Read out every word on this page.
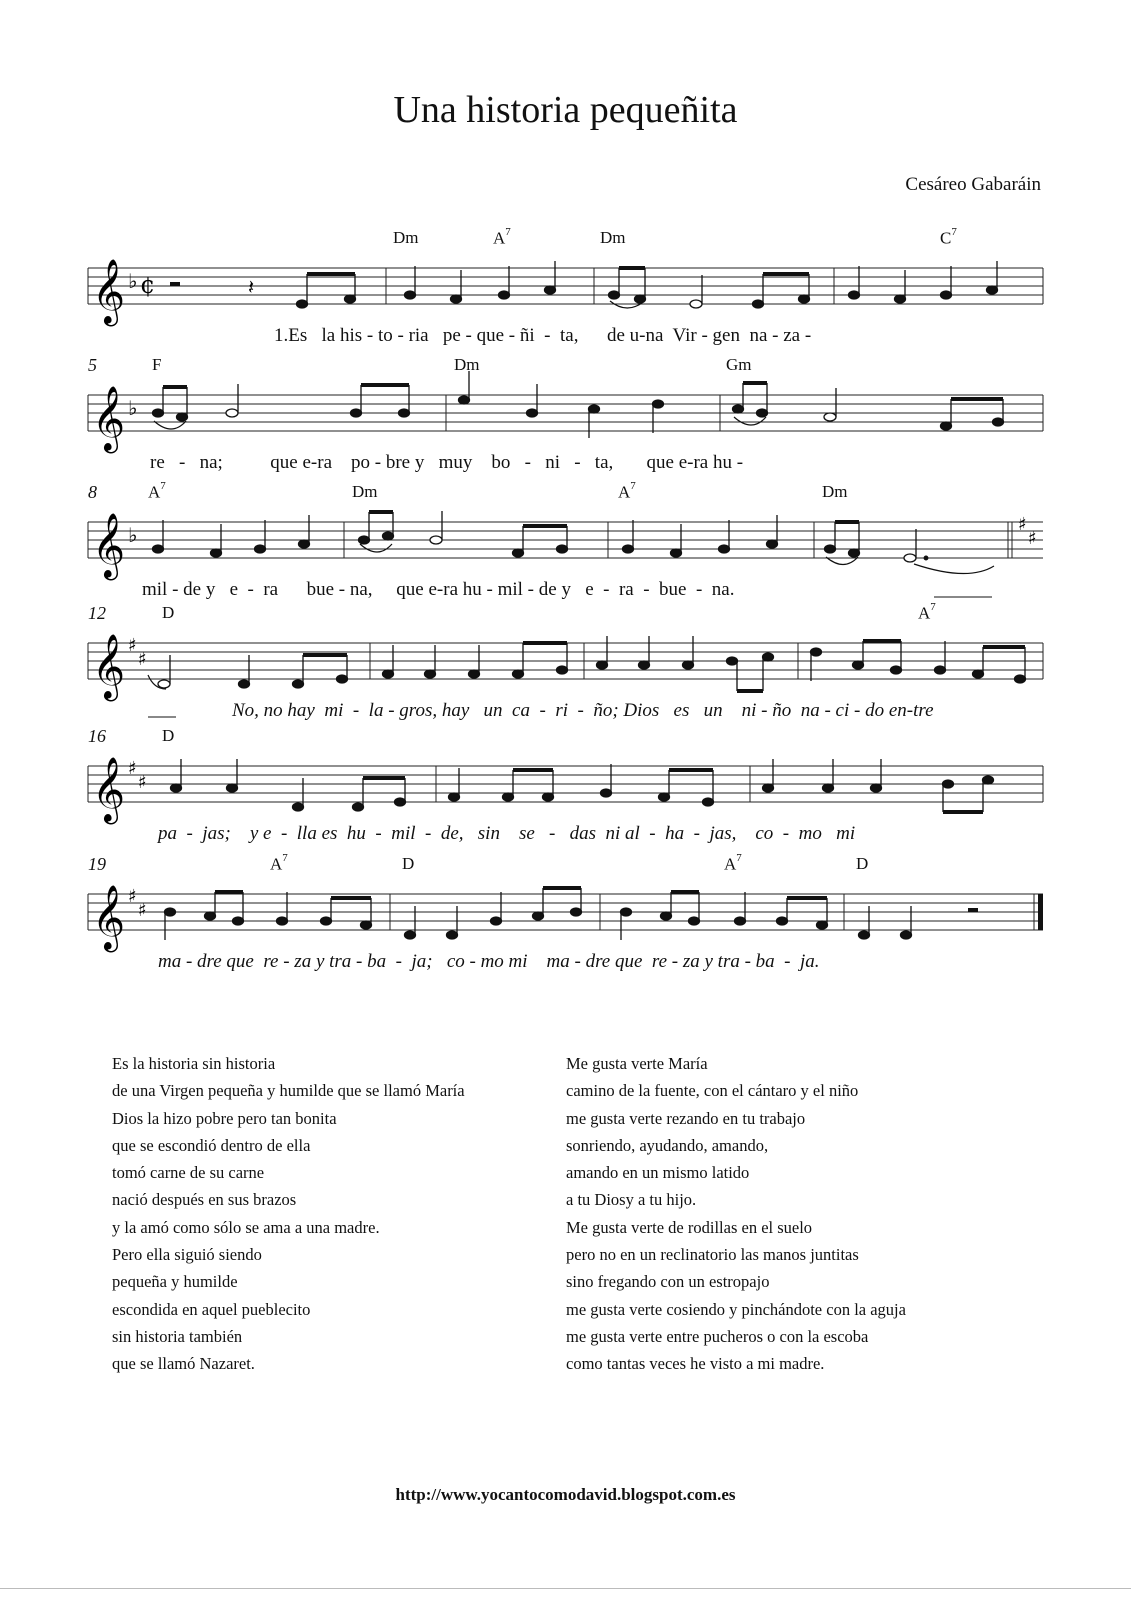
Una historia pequeñita
Cesáreo Gabaráin
Dm	$A^7$	Dm	$C^7$
𝄞 ♭ ¢	𝄽
1.Es   la his - to - ria   pe - que - ñi  -  ta,      de u-na  Vir - gen  na - za -
5	F	Dm	Gm
𝄞 ♭
re   -   na;          que e-ra    po - bre y   muy    bo   -   ni   -   ta,       que e-ra hu -
8	$A^7$	Dm	$A^7$	Dm
𝄞 ♭	♯
♯
mil - de y   e  -  ra      bue - na,     que e-ra hu - mil - de y   e  -  ra  -  bue  -  na.
12	D	$A^7$
𝄞 ♯
♯
No, no hay  mi  -  la - gros, hay   un  ca  -  ri  -  ño; Dios   es   un    ni - ño  na - ci - do en-tre
16	D
𝄞 ♯
♯
pa  -  jas;    y e  -  lla es  hu  -  mil  -  de,   sin    se   -   das  ni al  -  ha  -  jas,    co  -  mo   mi
19	$A^7$	D	$A^7$	D
𝄞 ♯
♯
ma - dre que  re - za y tra - ba  -  ja;   co - mo mi    ma - dre que  re - za y tra - ba  -  ja.
Es la historia sin historia
de una Virgen pequeña y humilde que se llamó María
Dios la hizo pobre pero tan bonita
que se escondió dentro de ella
tomó carne de su carne
nació después en sus brazos
y la amó como sólo se ama a una madre.
Pero ella siguió siendo
pequeña y humilde
escondida en aquel pueblecito
sin historia también
que se llamó Nazaret.
Me gusta verte María
camino de la fuente, con el cántaro y el niño
me gusta verte rezando en tu trabajo
sonriendo, ayudando, amando,
amando en un mismo latido
a tu Diosy a tu hijo.
Me gusta verte de rodillas en el suelo
pero no en un reclinatorio las manos juntitas
sino fregando con un estropajo
me gusta verte cosiendo y pinchándote con la aguja
me gusta verte entre pucheros o con la escoba
como tantas veces he visto a mi madre.
http://www.yocantocomodavid.blogspot.com.es
